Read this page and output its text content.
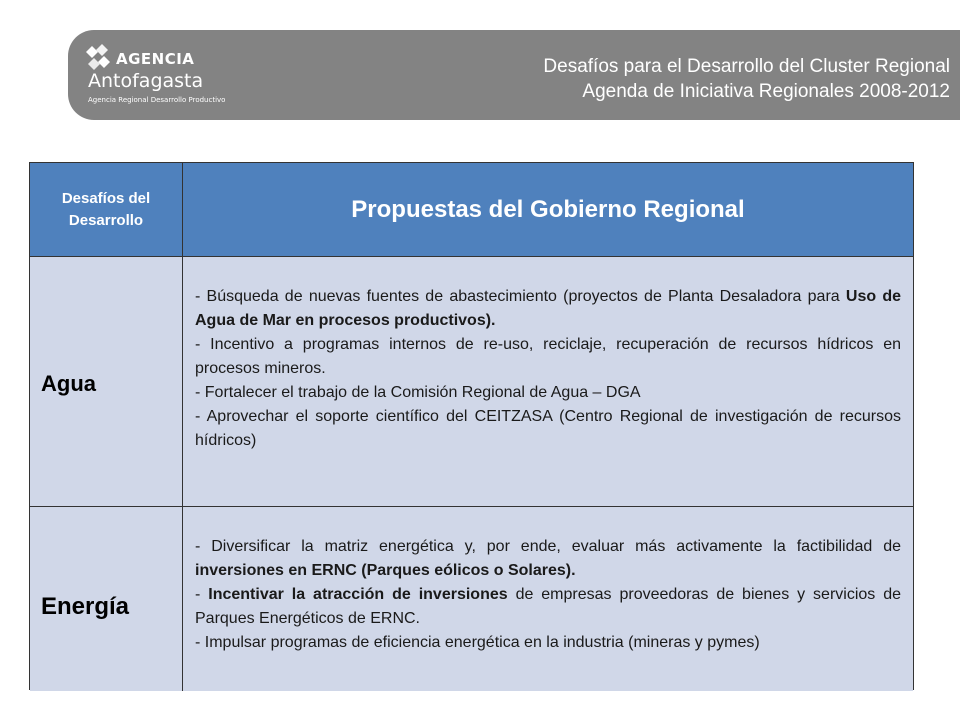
AGENCIA
Antofagasta
Agencia Regional Desarrollo Productivo
Desafíos para el Desarrollo del Cluster Regional
Agenda de Iniciativa Regionales 2008-2012
Desafíos del Desarrollo	Propuestas del Gobierno Regional
Agua

- Búsqueda de nuevas fuentes de abastecimiento (proyectos de Planta Desaladora para Uso de Agua de Mar en procesos productivos).

- Incentivo a programas internos de re-uso, reciclaje, recuperación de recursos hídricos en procesos mineros.

- Fortalecer el trabajo de la Comisión Regional de Agua – DGA

- Aprovechar el soporte científico del CEITZASA (Centro Regional de investigación de recursos hídricos)

Energía

- Diversificar la matriz energética y, por ende, evaluar más activamente la factibilidad de inversiones en ERNC (Parques eólicos o Solares).

- Incentivar la atracción de inversiones de empresas proveedoras de bienes y servicios de Parques Energéticos de ERNC.

- Impulsar programas de eficiencia energética en la industria (mineras y pymes)
